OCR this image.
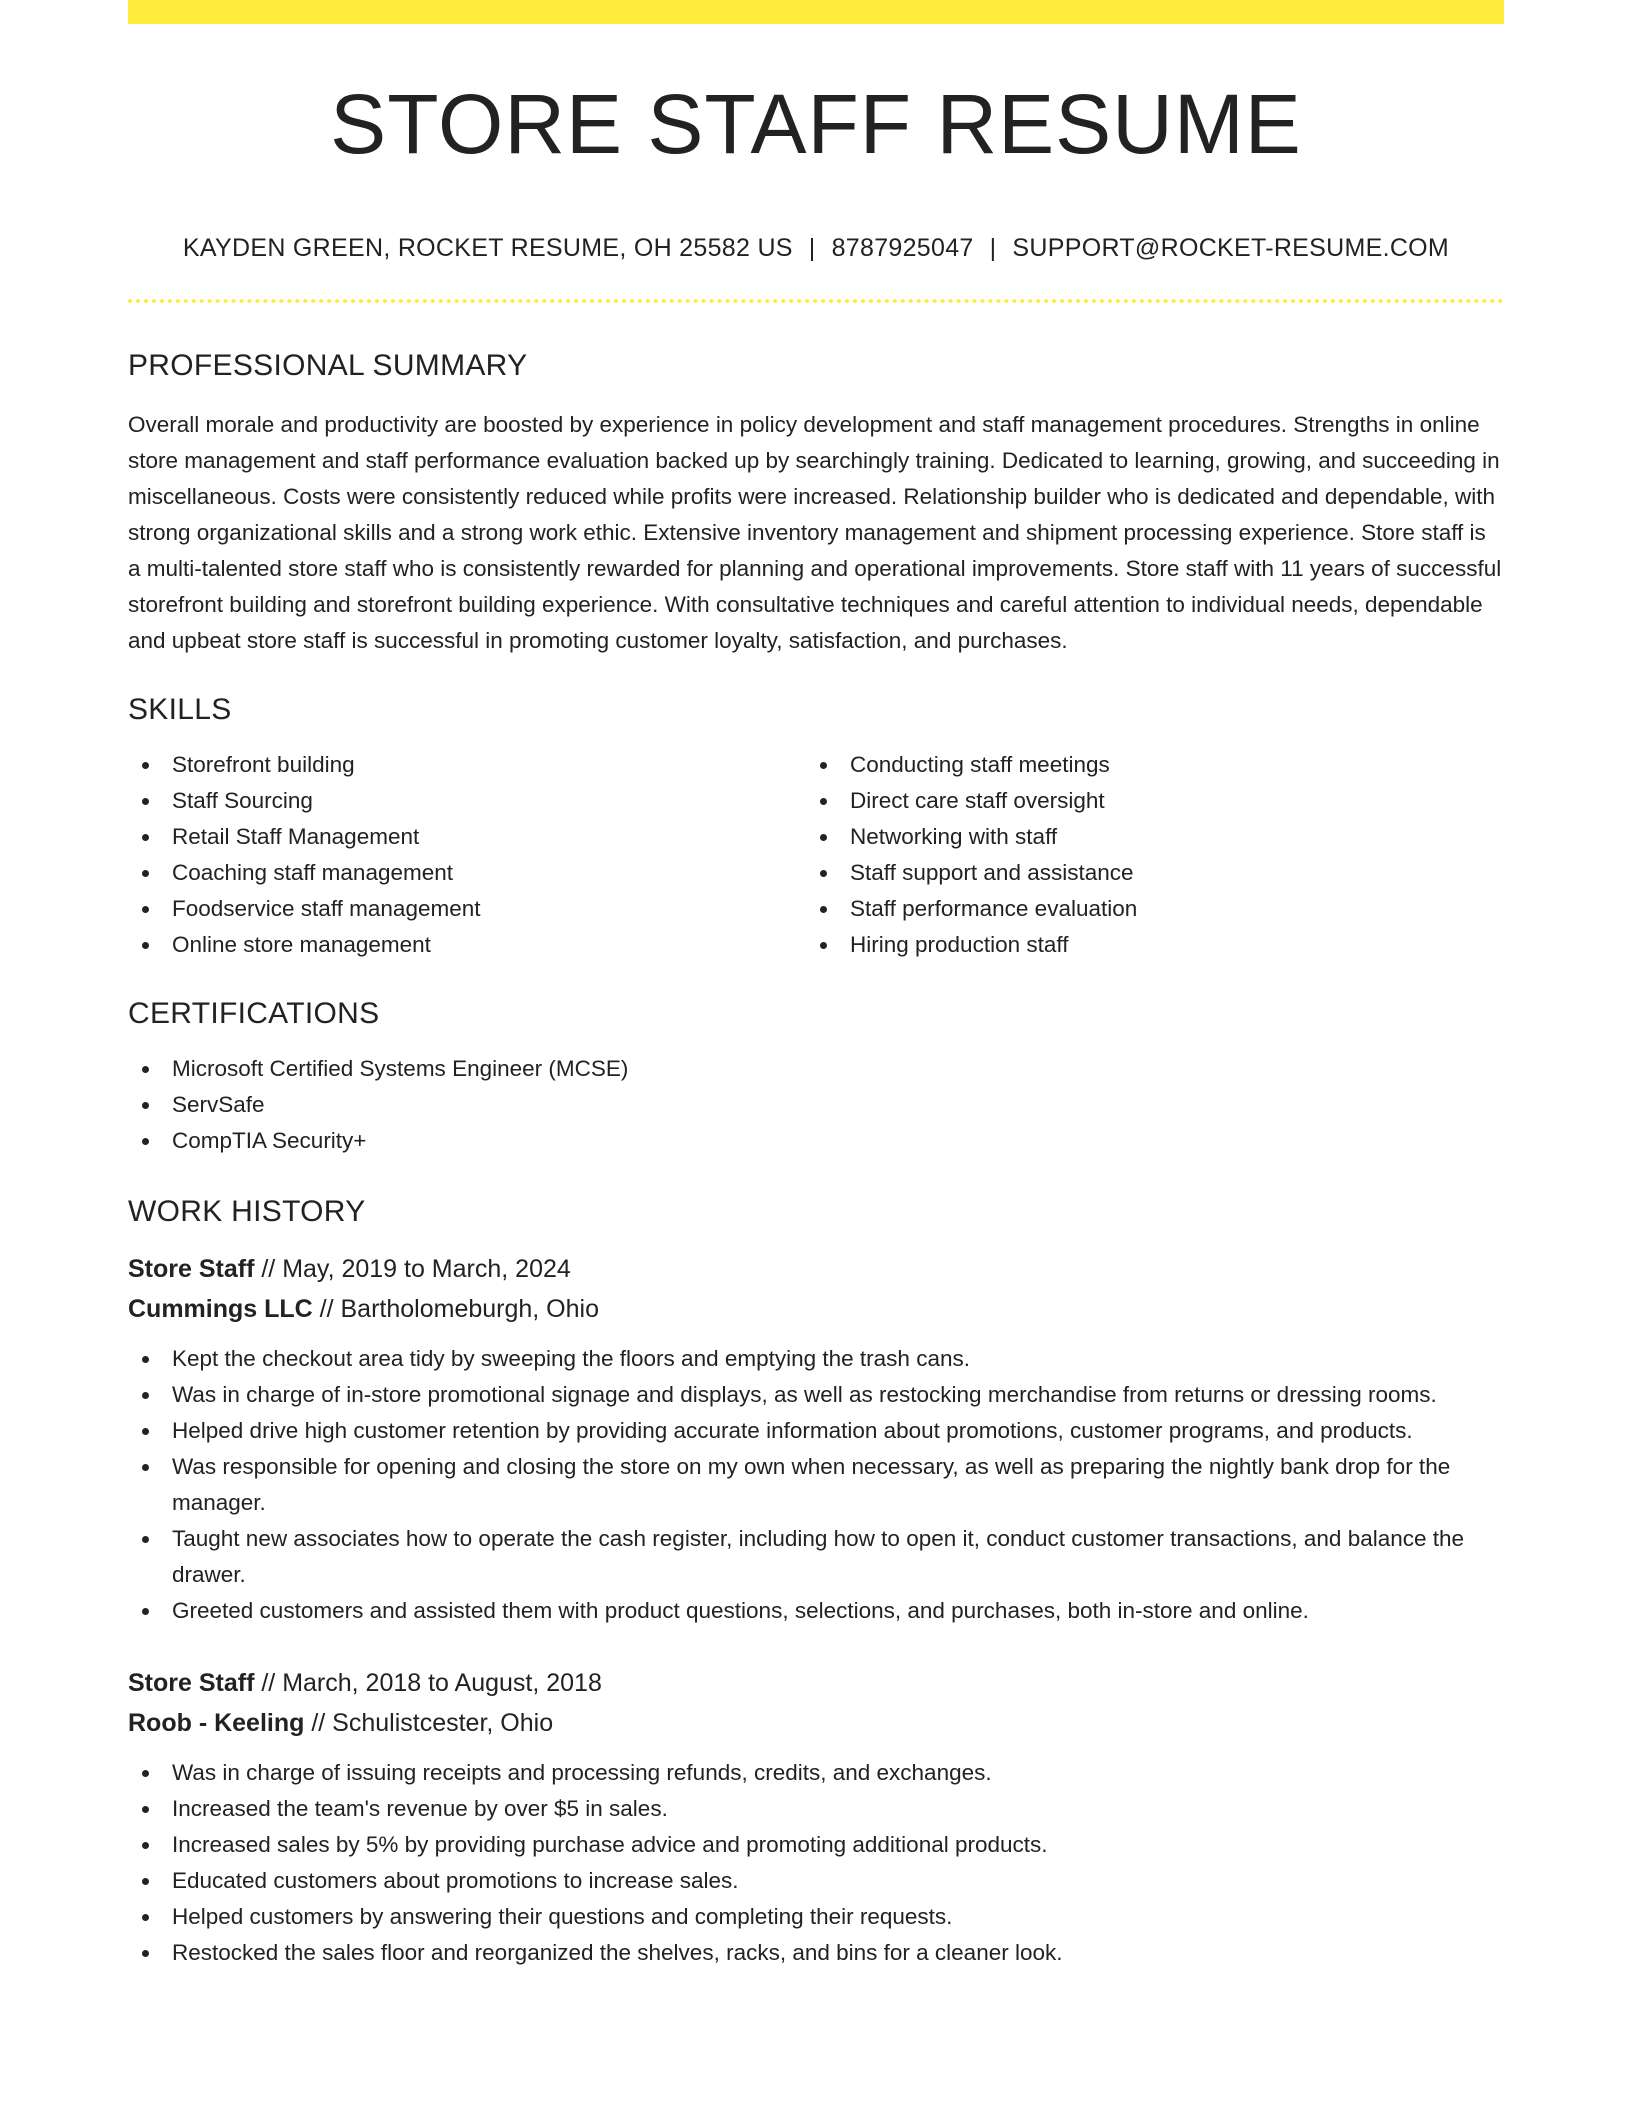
STORE STAFF RESUME
KAYDEN GREEN, ROCKET RESUME, OH 25582 US | 8787925047 | SUPPORT@ROCKET-RESUME.COM
PROFESSIONAL SUMMARY
Overall morale and productivity are boosted by experience in policy development and staff management procedures. Strengths in online store management and staff performance evaluation backed up by searchingly training. Dedicated to learning, growing, and succeeding in miscellaneous. Costs were consistently reduced while profits were increased. Relationship builder who is dedicated and dependable, with strong organizational skills and a strong work ethic. Extensive inventory management and shipment processing experience. Store staff is a multi-talented store staff who is consistently rewarded for planning and operational improvements. Store staff with 11 years of successful storefront building and storefront building experience. With consultative techniques and careful attention to individual needs, dependable and upbeat store staff is successful in promoting customer loyalty, satisfaction, and purchases.
SKILLS
Storefront building
Staff Sourcing
Retail Staff Management
Coaching staff management
Foodservice staff management
Online store management
Conducting staff meetings
Direct care staff oversight
Networking with staff
Staff support and assistance
Staff performance evaluation
Hiring production staff
CERTIFICATIONS
Microsoft Certified Systems Engineer (MCSE)
ServSafe
CompTIA Security+
WORK HISTORY
Store Staff // May, 2019 to March, 2024
Cummings LLC // Bartholomeburgh, Ohio
Kept the checkout area tidy by sweeping the floors and emptying the trash cans.
Was in charge of in-store promotional signage and displays, as well as restocking merchandise from returns or dressing rooms.
Helped drive high customer retention by providing accurate information about promotions, customer programs, and products.
Was responsible for opening and closing the store on my own when necessary, as well as preparing the nightly bank drop for the manager.
Taught new associates how to operate the cash register, including how to open it, conduct customer transactions, and balance the drawer.
Greeted customers and assisted them with product questions, selections, and purchases, both in-store and online.
Store Staff // March, 2018 to August, 2018
Roob - Keeling // Schulistcester, Ohio
Was in charge of issuing receipts and processing refunds, credits, and exchanges.
Increased the team's revenue by over $5 in sales.
Increased sales by 5% by providing purchase advice and promoting additional products.
Educated customers about promotions to increase sales.
Helped customers by answering their questions and completing their requests.
Restocked the sales floor and reorganized the shelves, racks, and bins for a cleaner look.
